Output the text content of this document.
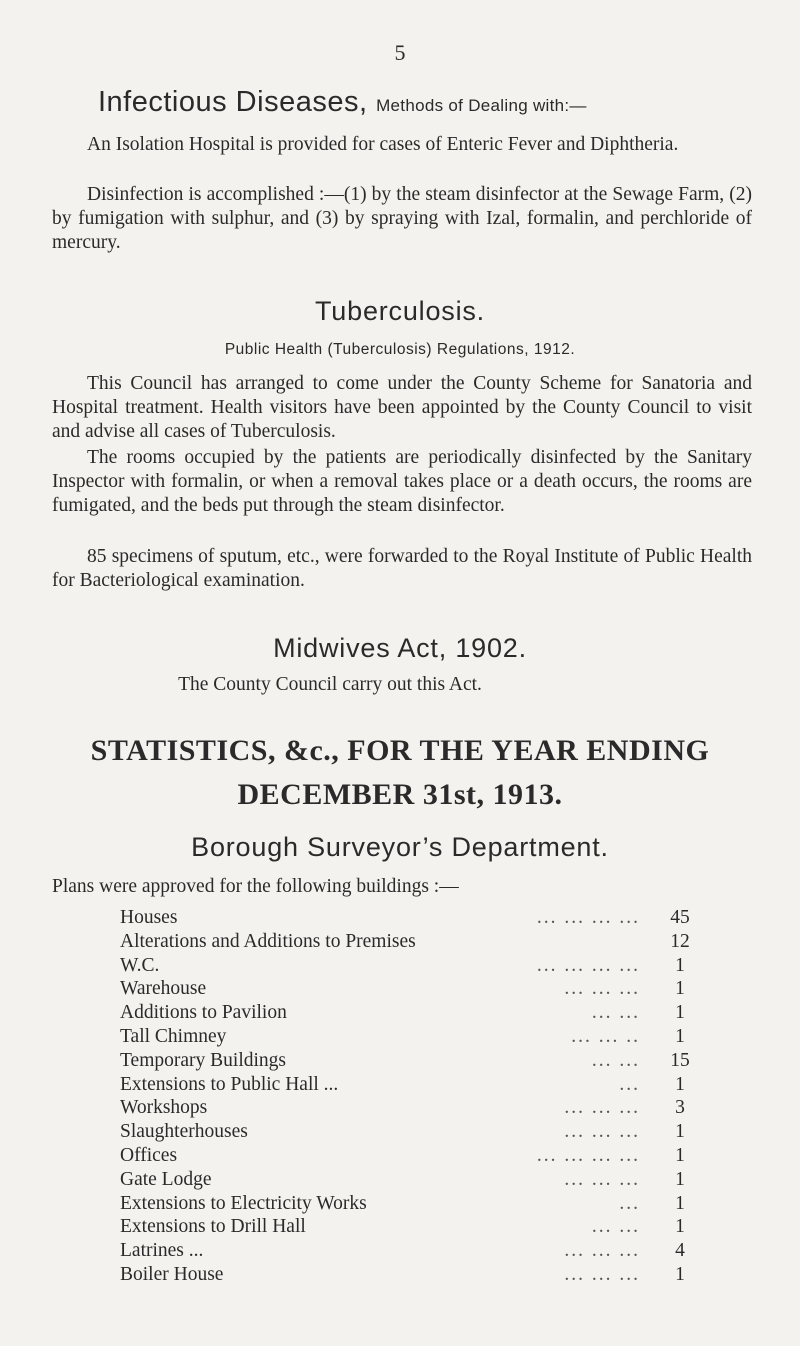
5
Infectious Diseases, Methods of Dealing with:—

An Isolation Hospital is provided for cases of Enteric Fever and Diphtheria.

Disinfection is accomplished :—(1) by the steam disinfector at the Sewage Farm, (2) by fumigation with sulphur, and (3) by spraying with Izal, formalin, and perchloride of mercury.

Tuberculosis.
Public Health (Tuberculosis) Regulations, 1912.

This Council has arranged to come under the County Scheme for Sanatoria and Hospital treatment. Health visitors have been appointed by the County Council to visit and advise all cases of Tuberculosis.

The rooms occupied by the patients are periodically disinfected by the Sanitary Inspector with formalin, or when a removal takes place or a death occurs, the rooms are fumigated, and the beds put through the steam disinfector.

85 specimens of sputum, etc., were forwarded to the Royal Institute of Public Health for Bacteriological examination.

Midwives Act, 1902.
The County Council carry out this Act.
STATISTICS, &c., FOR THE YEAR ENDING
DECEMBER 31st, 1913.
Borough Surveyor’s Department.
Plans were approved for the following buildings :—
Houses	... ... ... ...	45
Alterations and Additions to Premises	12
W.C.	... ... ... ...	1
Warehouse	... ... ...	1
Additions to Pavilion	... ...	1
Tall Chimney	... ... ..	1
Temporary Buildings	... ...	15
Extensions to Public Hall ...	...	1
Workshops	... ... ...	3
Slaughterhouses	... ... ...	1
Offices	... ... ... ...	1
Gate Lodge	... ... ...	1
Extensions to Electricity Works	...	1
Extensions to Drill Hall	... ...	1
Latrines ...	... ... ...	4
Boiler House	... ... ...	1
